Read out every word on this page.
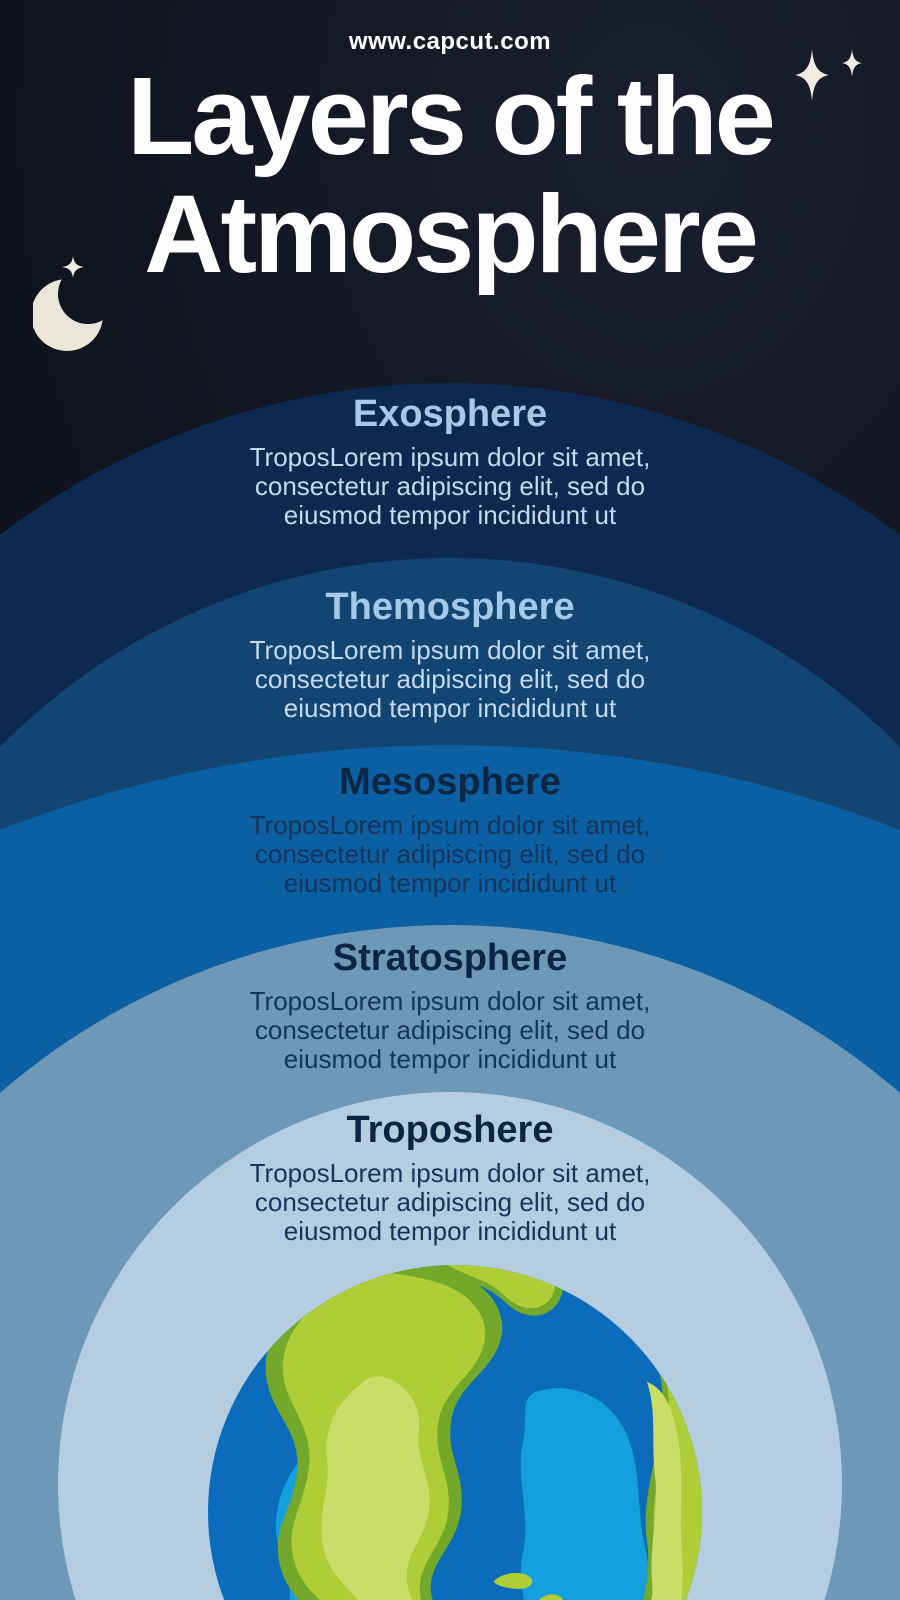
www.capcut.com
Layers of the
Atmosphere
Exosphere

TroposLorem ipsum dolor sit amet, consectetur adipiscing elit, sed do eiusmod tempor incididunt ut

Themosphere

TroposLorem ipsum dolor sit amet, consectetur adipiscing elit, sed do eiusmod tempor incididunt ut

Mesosphere

TroposLorem ipsum dolor sit amet, consectetur adipiscing elit, sed do eiusmod tempor incididunt ut

Stratosphere

TroposLorem ipsum dolor sit amet, consectetur adipiscing elit, sed do eiusmod tempor incididunt ut

Troposhere

TroposLorem ipsum dolor sit amet, consectetur adipiscing elit, sed do eiusmod tempor incididunt ut
